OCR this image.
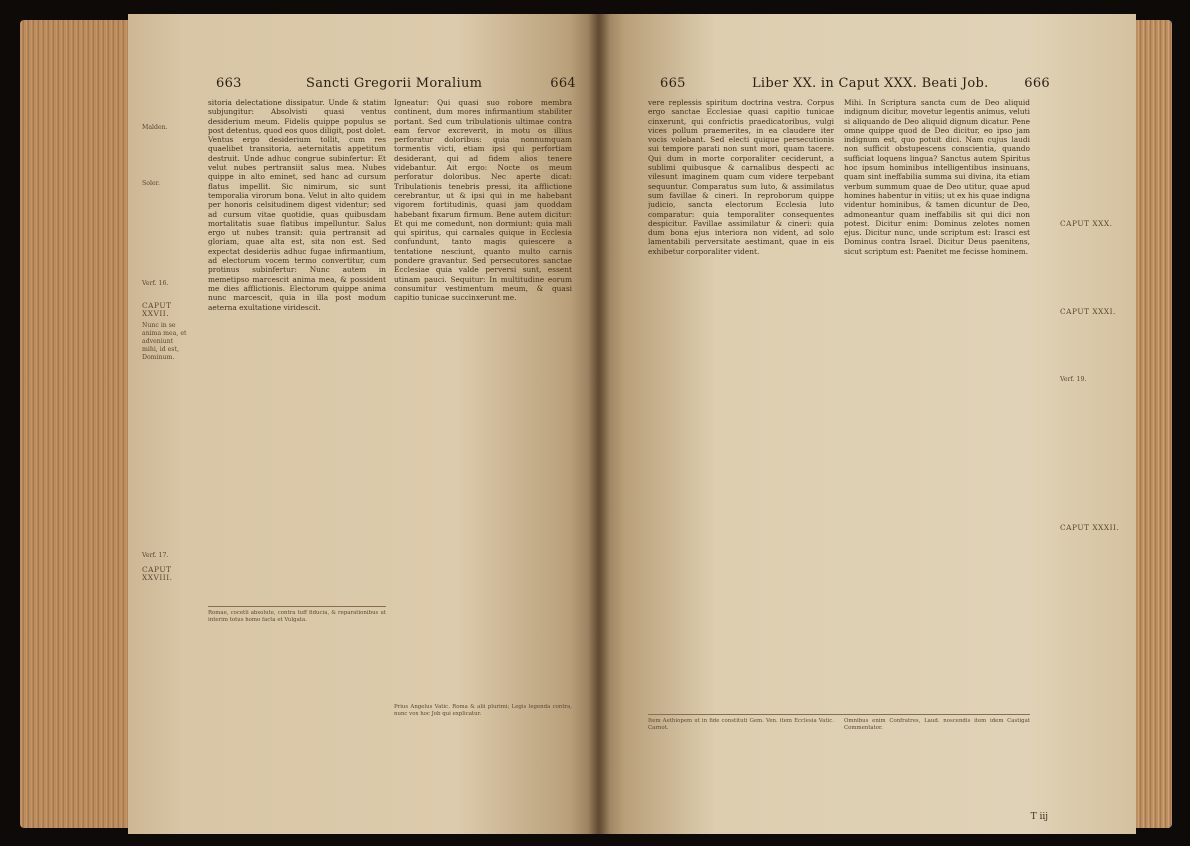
663	Sancti Gregorii Moralium	664
Malden.
Soler.
Verf. 16.
CAPUT XXVII.
Nunc in se anima mea, et adveniunt mihi, id est, Dominum.
Verf. 17.
CAPUT XXVIII.

sitoria delectatione dissipatur. Unde & statim subjungitur: Absolvisti quasi ventus desiderium meum. Fidelis quippe populus se post detentus, quod eos quos diligit, post dolet. Ventus ergo desiderium tollit, cum res quaelibet transitoria, aeternitatis appetitum destruit. Unde adhuc congrue subinfertur: Et velut nubes pertransiit salus mea. Nubes quippe in alto eminet, sed hanc ad cursum flatus impellit. Sic nimirum, sic sunt temporalia virorum bona. Velut in alto quidem per honoris celsitudinem digest videntur; sed ad cursum vitae quotidie, quas quibusdam mortalitatis suae flatibus impelluntur. Salus ergo ut nubes transit: quia pertransit ad gloriam, quae alta est, sita non est. Sed expectat desideriis adhuc fugae infirmantium, ad electorum vocem termo convertitur, cum protinus subinfertur: Nunc autem in memetipso marcescit anima mea, & possident me dies afflictionis. Electorum quippe anima nunc marcescit, quia in illa post modum aeterna exultatione viridescit.

Igneatur: Qui quasi suo robore membra continent, dum mores infirmantium stabiliter portant. Sed cum tribulationis ultimae contra eam fervor excreverit, in motu os illius perforatur doloribus: quia nonnumquam tormentis victi, etiam ipsi qui perfortiam desiderant, qui ad fidem alios tenere videbantur. Ait ergo: Nocte os meum perforatur doloribus. Nec aperte dicat: Tribulationis tenebris pressi, ita afflictione cerebrantur, ut & ipsi qui in me habebant vigorem fortitudinis, quasi jam quoddam habebant fixarum firmum. Bene autem dicitur: Et qui me comedunt, non dormiunt: quia mali qui spiritus, qui carnales quique in Ecclesia confundunt, tanto magis quiescere a tentatione nesciunt, quanto multo carnis pondere gravantur. Sed persecutores sanctae Ecclesiae quia valde perversi sunt, essent utinam pauci. Sequitur: In multitudine eorum consumitur vestimentum meum, & quasi capitio tunicae succinxerunt me.

Romae, cocetli absolute, contra tuff fiducia, & reparationibus ut interim totus homo facta et Vulgata.
Prius Angelus Vatic. Roma & alii plurimi; Legis legenda contra, nunc vox hoc Job qui explicatur.
665	Liber XX. in Caput XXX. Beati Job.	666

vere replessis spiritum doctrina vestra. Corpus ergo sanctae Ecclesiae quasi capitio tunicae cinxerunt, qui confrictis praedicatoribus, vulgi vices pollum praemerites, in ea claudere iter vocis volebant. Sed electi quique persecutionis sui tempore parati non sunt mori, quam tacere. Qui dum in morte corporaliter ceciderunt, a sublimi quibusque & carnalibus despecti ac vilesunt imaginem quam cum videre terpebant sequuntur. Comparatus sum luto, & assimilatus sum favillae & cineri. In reproborum quippe judicio, sancta electorum Ecclesia luto comparatur: quia temporaliter consequentes despicitur. Favillae assimilatur & cineri: quia dum bona ejus interiora non vident, ad solo lamentabili perversitate aestimant, quae in eis exhibetur corporaliter vident.

Mihi. In Scriptura sancta cum de Deo aliquid indignum dicitur, movetur legentis animus, veluti si aliquando de Deo aliquid dignum dicatur. Pene omne quippe quod de Deo dicitur, eo ipso jam indignum est, quo potuit dici. Nam cujus laudi non sufficit obstupescens conscientia, quando sufficiat loquens lingua? Sanctus autem Spiritus hoc ipsum hominibus intelligentibus insinuans, quam sint ineffabilia summa sui divina, ita etiam verbum summum quae de Deo utitur, quae apud homines habentur in vitiis; ut ex his quae indigna videntur hominibus, & tamen dicuntur de Deo, admoneantur quam ineffabilis sit qui dici non potest. Dicitur enim: Dominus zelotes nomen ejus. Dicitur nunc, unde scriptum est: Irasci est Dominus contra Israel. Dicitur Deus paenitens, sicut scriptum est: Paenitet me fecisse hominem.

CAPUT XXX.
CAPUT XXXI.
Verf. 19.
CAPUT XXXII.
Item Aethiopem ut in fide constituti Gem. Ven. item Ecclesia Vatic. Carnot.
Omnibus enim Confratres, Laud. noscendis item idem Castigat Commentator.
T iij
